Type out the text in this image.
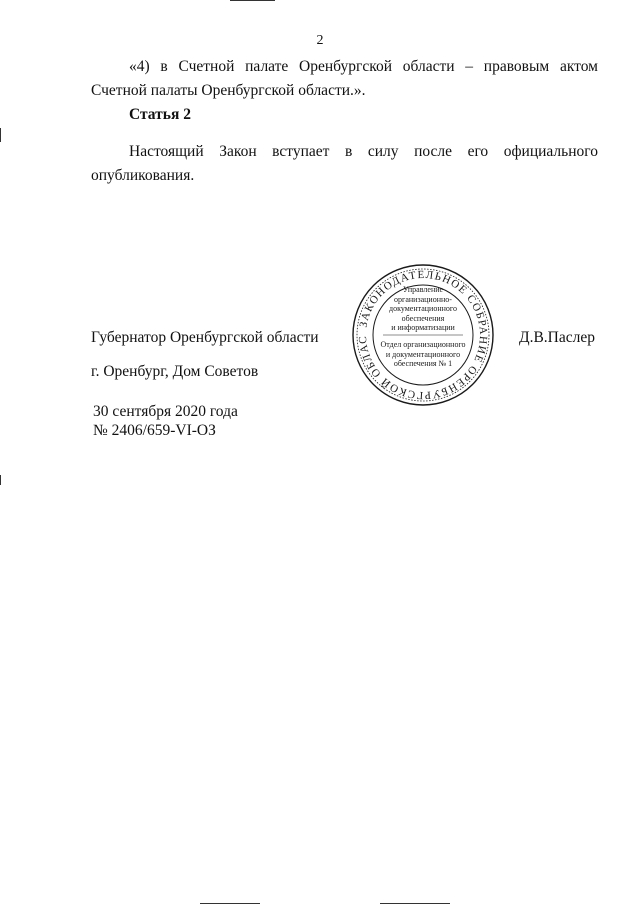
2

«4) в Счетной палате Оренбургской области – правовым актом Счетной палаты Оренбургской области.».

Статья 2

Настоящий Закон вступает в силу после его официального опубликования.

Губернатор Оренбургской области
ЗАКОНОДАТЕЛЬНОЕ СОБРАНИЕ ОРЕНБУРГСКОЙ ОБЛАС
Управление
организационно-
документационного
обеспечения
и информатизации
Отдел организационного
и документационного
обеспечения № 1
Д.В.Паслер
г. Оренбург, Дом Советов
30 сентября 2020 года
№ 2406/659-VI-ОЗ
